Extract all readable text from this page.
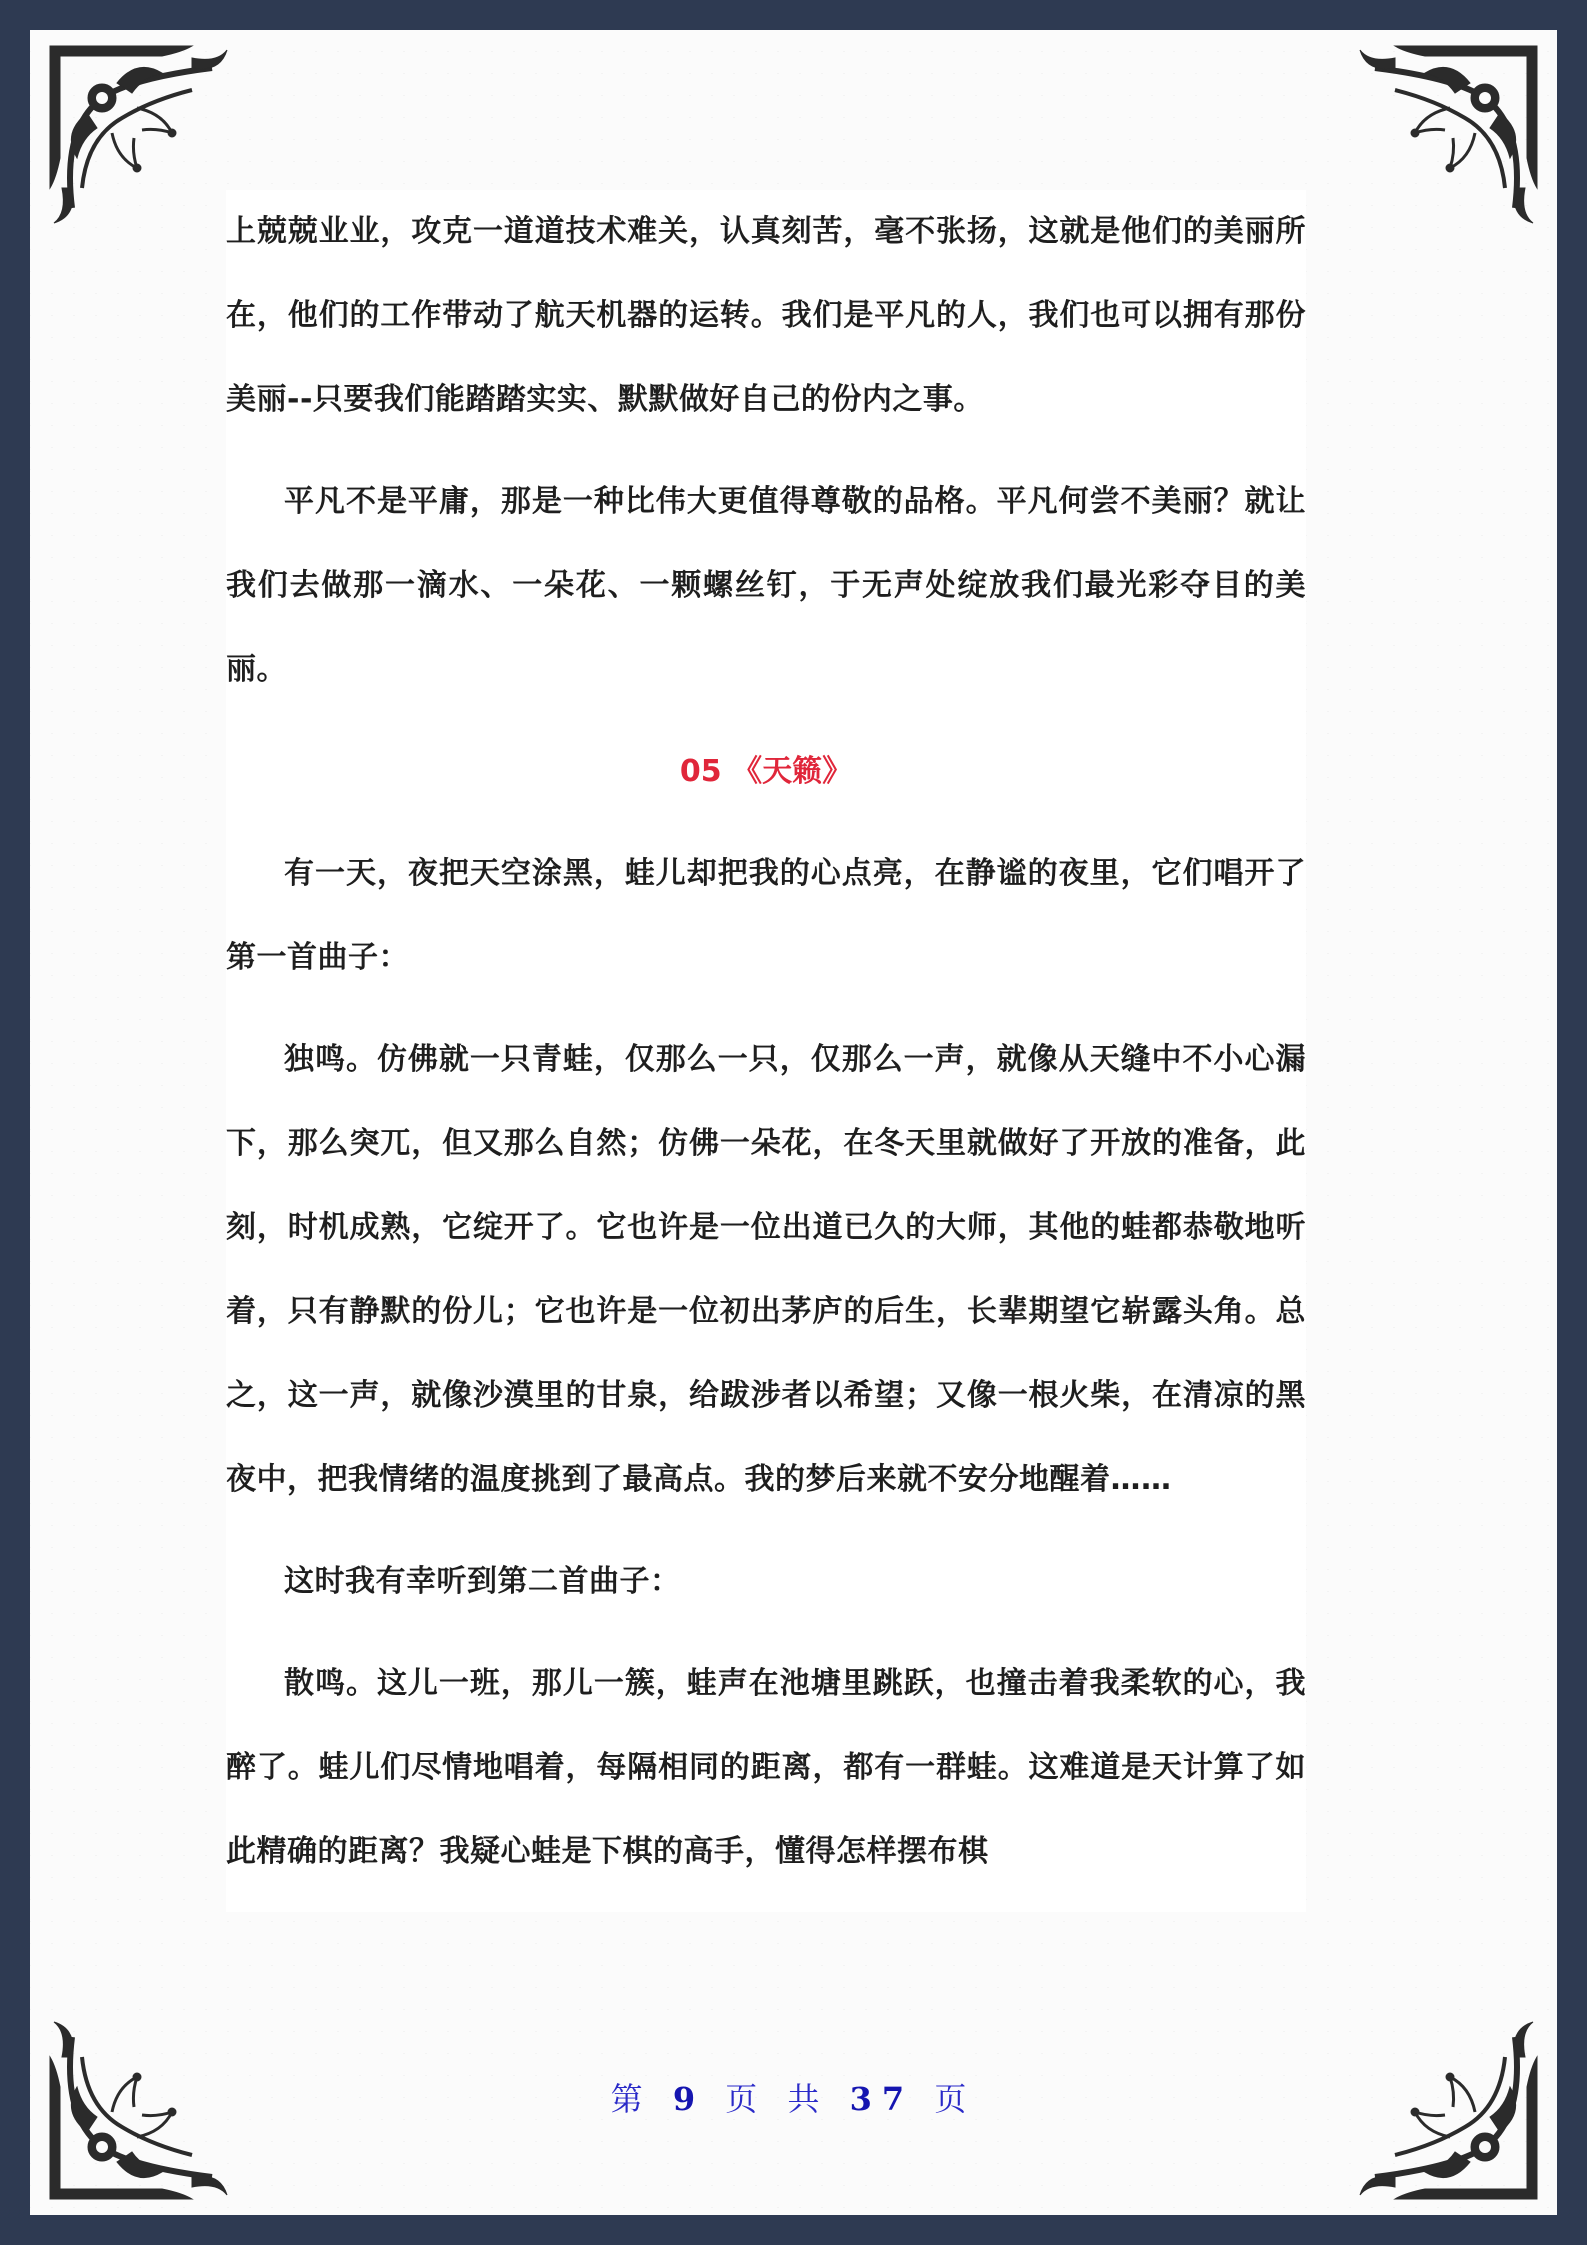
上兢兢业业，攻克一道道技术难关，认真刻苦，毫不张扬，这就是他们的美丽所在，他们的工作带动了航天机器的运转。我们是平凡的人，我们也可以拥有那份美丽--只要我们能踏踏实实、默默做好自己的份内之事。

平凡不是平庸，那是一种比伟大更值得尊敬的品格。平凡何尝不美丽？就让我们去做那一滴水、一朵花、一颗螺丝钉，于无声处绽放我们最光彩夺目的美丽。

05 《天籁》

有一天，夜把天空涂黑，蛙儿却把我的心点亮，在静谧的夜里，它们唱开了第一首曲子：

独鸣。仿佛就一只青蛙，仅那么一只，仅那么一声，就像从天缝中不小心漏下，那么突兀，但又那么自然；仿佛一朵花，在冬天里就做好了开放的准备，此刻，时机成熟，它绽开了。它也许是一位出道已久的大师，其他的蛙都恭敬地听着，只有静默的份儿；它也许是一位初出茅庐的后生，长辈期望它崭露头角。总之，这一声，就像沙漠里的甘泉，给跋涉者以希望；又像一根火柴，在清凉的黑夜中，把我情绪的温度挑到了最高点。我的梦后来就不安分地醒着……

这时我有幸听到第二首曲子：

散鸣。这儿一班，那儿一簇，蛙声在池塘里跳跃，也撞击着我柔软的心，我醉了。蛙儿们尽情地唱着，每隔相同的距离，都有一群蛙。这难道是天计算了如此精确的距离？我疑心蛙是下棋的高手，懂得怎样摆布棋

第 9 页 共 37 页
